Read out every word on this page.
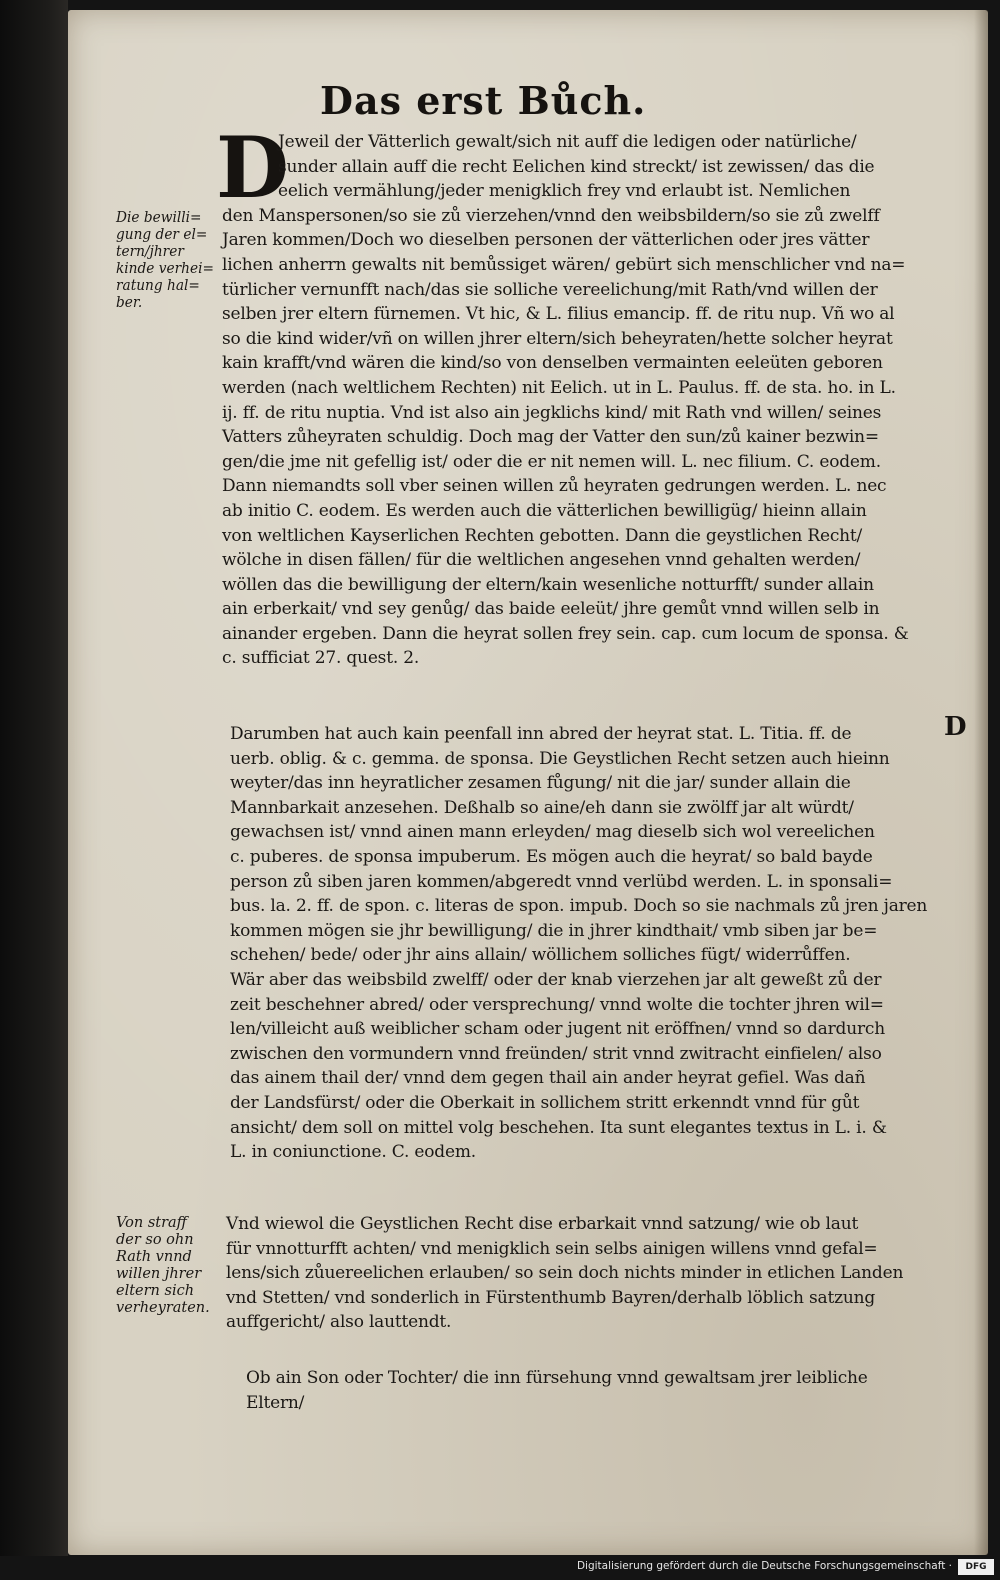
Das erst Bůch.
D
Die bewilli=
gung der el=
tern/jhrer
kinde verhei=
ratung hal=
ber.
Von straff
der so ohn
Rath vnnd
willen jhrer
eltern sich
verheyraten.
Jeweil der Vätterlich gewalt/sich nit auff die ledigen oder natürliche/
sunder allain auff die recht Eelichen kind streckt/ ist zewissen/ das die
eelich vermählung/jeder menigklich frey vnd erlaubt ist. Nemlichen
den Manspersonen/so sie zů vierzehen/vnnd den weibsbildern/so sie zů zwelff
Jaren kommen/Doch wo dieselben personen der vätterlichen oder jres vätter
lichen anherrn gewalts nit bemůssiget wären/ gebürt sich menschlicher vnd na=
türlicher vernunfft nach/das sie solliche vereelichung/mit Rath/vnd willen der
selben jrer eltern fürnemen. Vt hic, & L. filius emancip. ff. de ritu nup. Vñ wo al
so die kind wider/vñ on willen jhrer eltern/sich beheyraten/hette solcher heyrat
kain krafft/vnd wären die kind/so von denselben vermainten eeleüten geboren
werden (nach weltlichem Rechten) nit Eelich. ut in L. Paulus. ff. de sta. ho. in L.
ij. ff. de ritu nuptia. Vnd ist also ain jegklichs kind/ mit Rath vnd willen/ seines
Vatters zůheyraten schuldig. Doch mag der Vatter den sun/zů kainer bezwin=
gen/die jme nit gefellig ist/ oder die er nit nemen will. L. nec filium. C. eodem.
Dann niemandts soll vber seinen willen zů heyraten gedrungen werden. L. nec
ab initio C. eodem. Es werden auch die vätterlichen bewilligüg/ hieinn allain
von weltlichen Kayserlichen Rechten gebotten. Dann die geystlichen Recht/
wölche in disen fällen/ für die weltlichen angesehen vnnd gehalten werden/
wöllen das die bewilligung der eltern/kain wesenliche notturfft/ sunder allain
ain erberkait/ vnd sey genůg/ das baide eeleüt/ jhre gemůt vnnd willen selb in
ainander ergeben. Dann die heyrat sollen frey sein. cap. cum locum de sponsa. &
c. sufficiat 27. quest. 2.
D
Darumben hat auch kain peenfall inn abred der heyrat stat. L. Titia. ff. de
uerb. oblig. & c. gemma. de sponsa. Die Geystlichen Recht setzen auch hieinn
weyter/das inn heyratlicher zesamen fůgung/ nit die jar/ sunder allain die
Mannbarkait anzesehen. Deßhalb so aine/eh dann sie zwölff jar alt würdt/
gewachsen ist/ vnnd ainen mann erleyden/ mag dieselb sich wol vereelichen
c. puberes. de sponsa impuberum. Es mögen auch die heyrat/ so bald bayde
person zů siben jaren kommen/abgeredt vnnd verlübd werden. L. in sponsali=
bus. la. 2. ff. de spon. c. literas de spon. impub. Doch so sie nachmals zů jren jaren
kommen mögen sie jhr bewilligung/ die in jhrer kindthait/ vmb siben jar be=
schehen/ bede/ oder jhr ains allain/ wöllichem solliches fügt/ widerrůffen.
Wär aber das weibsbild zwelff/ oder der knab vierzehen jar alt geweßt zů der
zeit beschehner abred/ oder versprechung/ vnnd wolte die tochter jhren wil=
len/villeicht auß weiblicher scham oder jugent nit eröffnen/ vnnd so dardurch
zwischen den vormundern vnnd freünden/ strit vnnd zwitracht einfielen/ also
das ainem thail der/ vnnd dem gegen thail ain ander heyrat gefiel. Was dañ
der Landsfürst/ oder die Oberkait in sollichem stritt erkenndt vnnd für gůt
ansicht/ dem soll on mittel volg beschehen. Ita sunt elegantes textus in L. i. &
L. in coniunctione. C. eodem.
Vnd wiewol die Geystlichen Recht dise erbarkait vnnd satzung/ wie ob laut
für vnnotturfft achten/ vnd menigklich sein selbs ainigen willens vnnd gefal=
lens/sich zůuereelichen erlauben/ so sein doch nichts minder in etlichen Landen
vnd Stetten/ vnd sonderlich in Fürstenthumb Bayren/derhalb löblich satzung
auffgericht/ also lauttendt.
Ob ain Son oder Tochter/ die inn fürsehung vnnd gewaltsam jrer leibliche
Eltern/
Digitalisierung gefördert durch die Deutsche Forschungsgemeinschaft ·	DFG
